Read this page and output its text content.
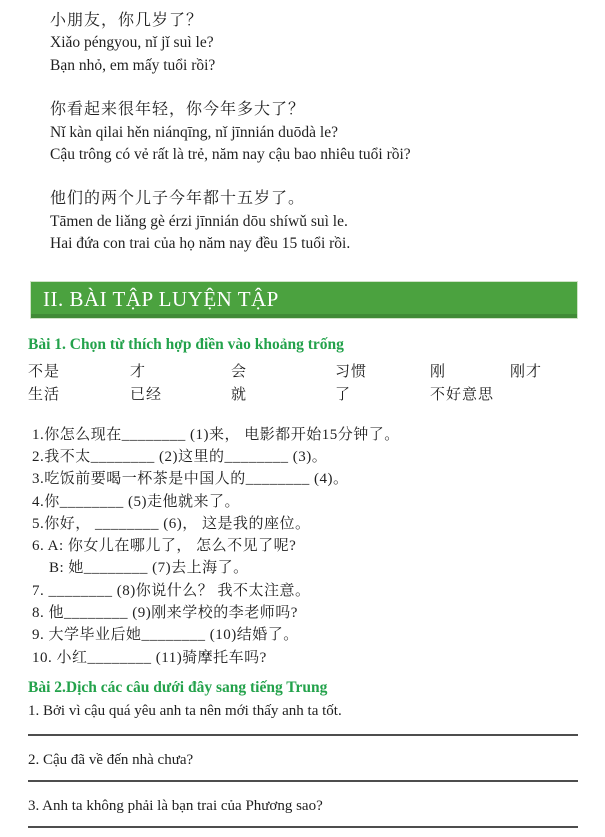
小朋友，你几岁了？
Xiǎo péngyou, nǐ jǐ suì le?
Bạn nhỏ, em mấy tuổi rồi?
你看起来很年轻，你今年多大了？
Nǐ kàn qilai hěn niánqīng, nǐ jīnnián duōdà le?
Cậu trông có vẻ rất là trẻ, năm nay cậu bao nhiêu tuổi rồi?
他们的两个儿子今年都十五岁了。
Tāmen de liǎng gè érzi jīnnián dōu shíwǔ suì le.
Hai đứa con trai của họ năm nay đều 15 tuổi rồi.
II. BÀI TẬP LUYỆN TẬP
Bài 1. Chọn từ thích hợp điền vào khoảng trống
不是	才	会	习惯	刚	刚才
生活	已经	就	了	不好意思
1.你怎么现在________ (1)来， 电影都开始15分钟了。
2.我不太________ (2)这里的________ (3)。
3.吃饭前要喝一杯茶是中国人的________ (4)。
4.你________ (5)走他就来了。
5.你好， ________ (6)， 这是我的座位。
6. A: 你女儿在哪儿了， 怎么不见了呢?
B: 她________ (7)去上海了。
7. ________ (8)你说什么？ 我不太注意。
8. 他________ (9)刚来学校的李老师吗?
9. 大学毕业后她________ (10)结婚了。
10. 小红________ (11)骑摩托车吗?
Bài 2.Dịch các câu dưới đây sang tiếng Trung

1. Bởi vì cậu quá yêu anh ta nên mới thấy anh ta tốt.

2. Cậu đã về đến nhà chưa?

3. Anh ta không phải là bạn trai của Phương sao?
